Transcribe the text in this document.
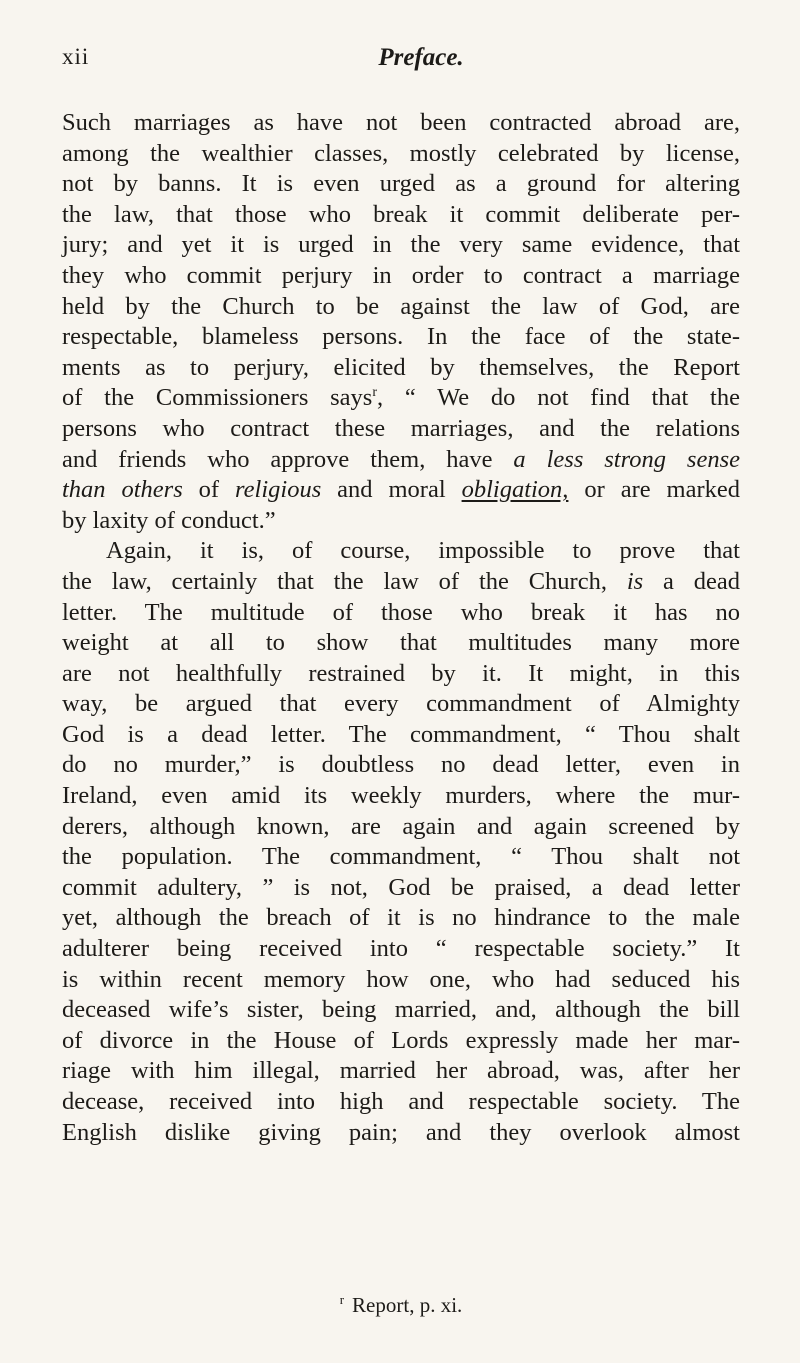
xii	Preface.
Such marriages as have not been contracted abroad are,
among the wealthier classes, mostly celebrated by license,
not by banns. It is even urged as a ground for altering
the law, that those who break it commit deliberate per-
jury; and yet it is urged in the very same evidence, that
they who commit perjury in order to contract a marriage
held by the Church to be against the law of God, are
respectable, blameless persons. In the face of the state-
ments as to perjury, elicited by themselves, the Report
of the Commissioners says$^r$, “ We do not find that the
persons who contract these marriages, and the relations
and friends who approve them, have a less strong sense
than others of religious and moral obligation, or are marked
by laxity of conduct.”
Again, it is, of course, impossible to prove that
the law, certainly that the law of the Church, is a dead
letter. The multitude of those who break it has no
weight at all to show that multitudes many more
are not healthfully restrained by it. It might, in this
way, be argued that every commandment of Almighty
God is a dead letter. The commandment, “ Thou shalt
do no murder,” is doubtless no dead letter, even in
Ireland, even amid its weekly murders, where the mur-
derers, although known, are again and again screened by
the population. The commandment, “ Thou shalt not
commit adultery, ” is not, God be praised, a dead letter
yet, although the breach of it is no hindrance to the male
adulterer being received into “ respectable society.” It
is within recent memory how one, who had seduced his
deceased wife’s sister, being married, and, although the bill
of divorce in the House of Lords expressly made her mar-
riage with him illegal, married her abroad, was, after her
decease, received into high and respectable society. The
English dislike giving pain; and they overlook almost
$^r$ Report, p. xi.
